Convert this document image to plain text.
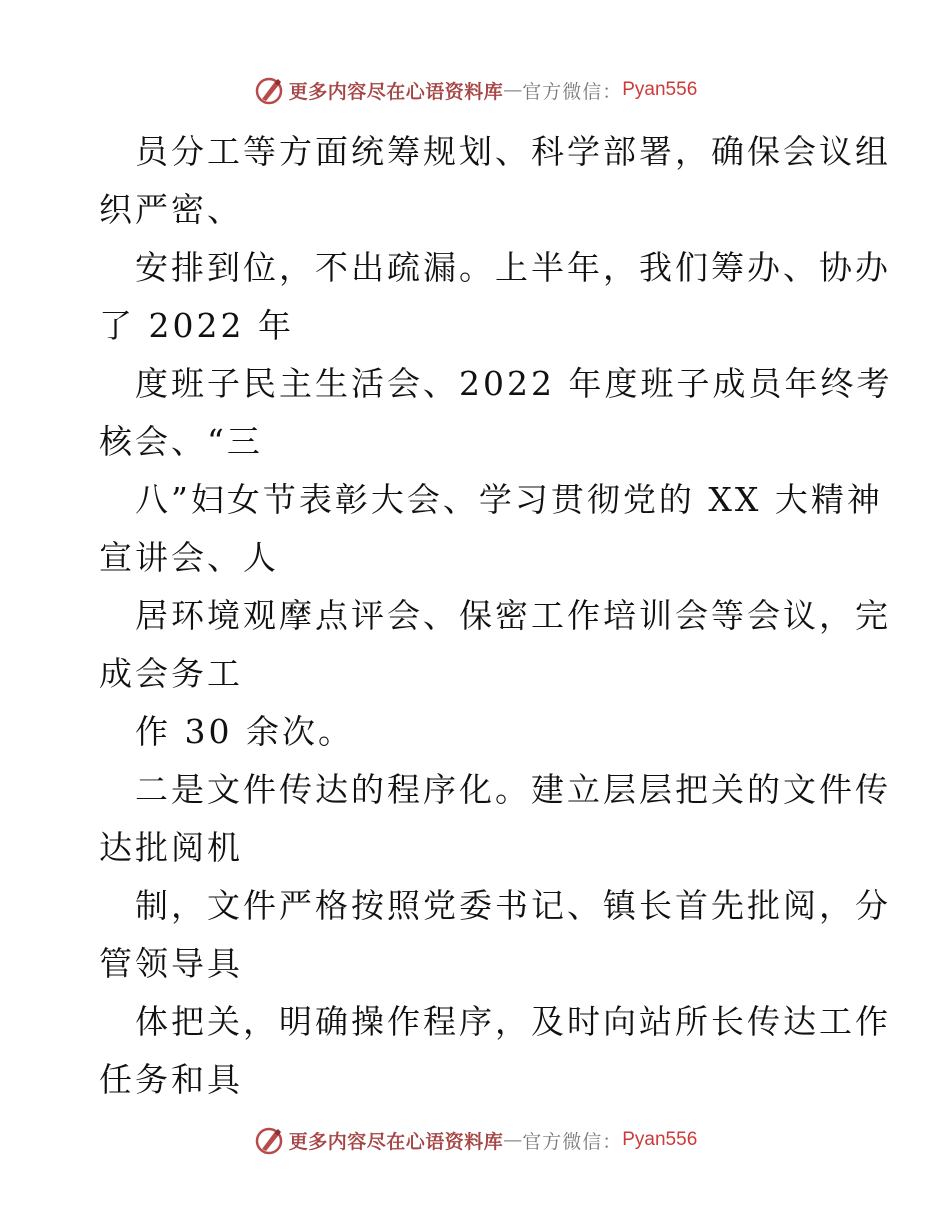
更多内容尽在心语资料库 — 官方微信： Pyan556
员分工等方面统筹规划、科学部署，确保会议组
织严密、
安排到位，不出疏漏。上半年，我们筹办、协办
了 2022 年
度班子民主生活会、2022 年度班子成员年终考
核会、“三
八”妇女节表彰大会、学习贯彻党的 XX 大精神
宣讲会、人
居环境观摩点评会、保密工作培训会等会议，完
成会务工
作 30 余次。
二是文件传达的程序化。建立层层把关的文件传
达批阅机
制，文件严格按照党委书记、镇长首先批阅，分
管领导具
体把关，明确操作程序，及时向站所长传达工作
任务和具
更多内容尽在心语资料库 — 官方微信： Pyan556
